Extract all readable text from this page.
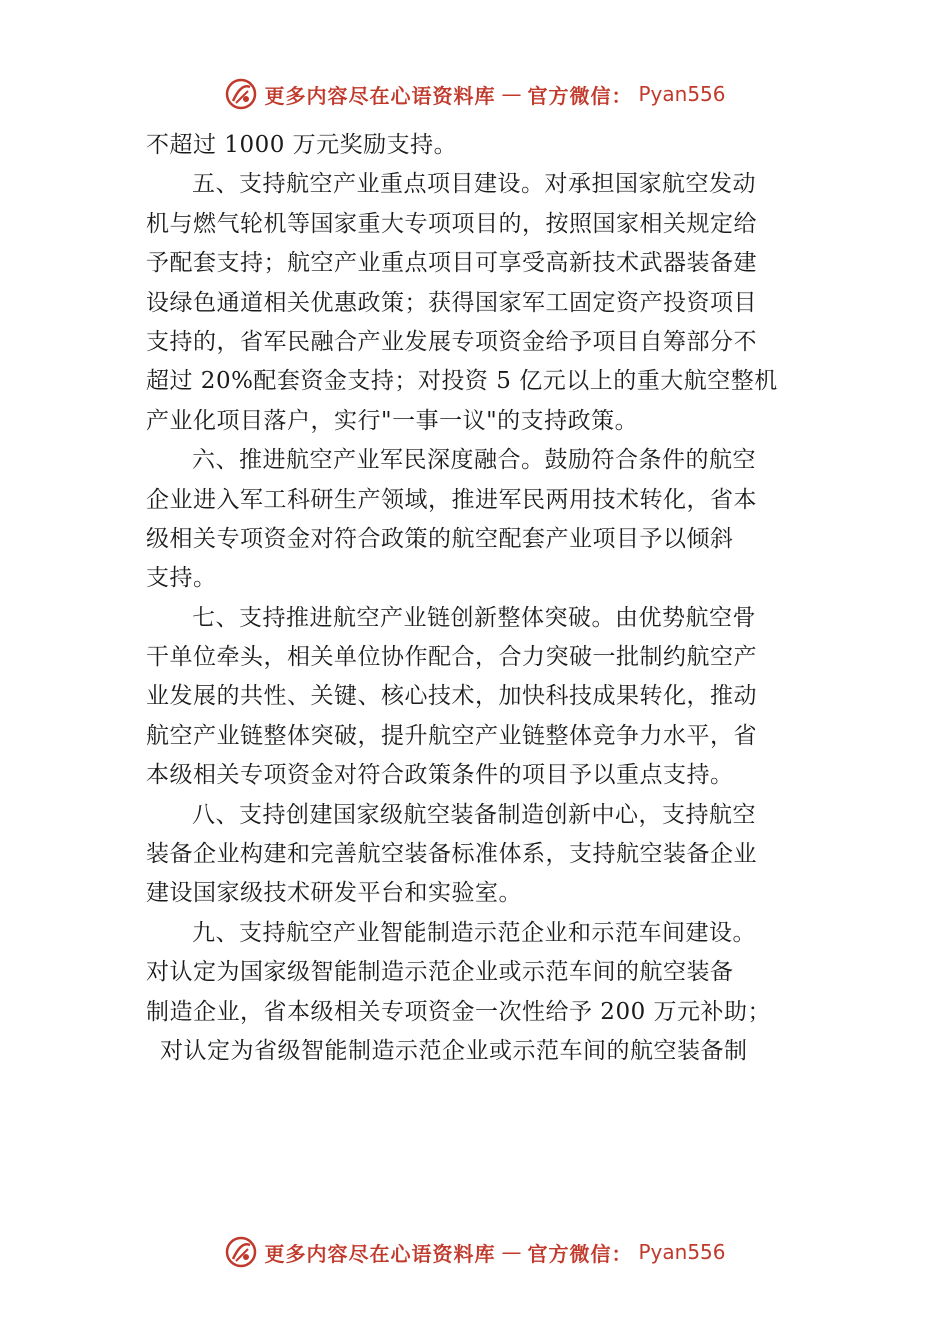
更多内容尽在心语资料库 — 官方微信： Pyan556
不超过 1000 万元奖励支持。
五、支持航空产业重点项目建设。对承担国家航空发动
机与燃气轮机等国家重大专项项目的，按照国家相关规定给
予配套支持；航空产业重点项目可享受高新技术武器装备建
设绿色通道相关优惠政策；获得国家军工固定资产投资项目
支持的，省军民融合产业发展专项资金给予项目自筹部分不
超过 20%配套资金支持；对投资 5 亿元以上的重大航空整机
产业化项目落户，实行"一事一议"的支持政策。
六、推进航空产业军民深度融合。鼓励符合条件的航空
企业进入军工科研生产领域，推进军民两用技术转化，省本
级相关专项资金对符合政策的航空配套产业项目予以倾斜
支持。
七、支持推进航空产业链创新整体突破。由优势航空骨
干单位牵头，相关单位协作配合，合力突破一批制约航空产
业发展的共性、关键、核心技术，加快科技成果转化，推动
航空产业链整体突破，提升航空产业链整体竞争力水平，省
本级相关专项资金对符合政策条件的项目予以重点支持。
八、支持创建国家级航空装备制造创新中心，支持航空
装备企业构建和完善航空装备标准体系，支持航空装备企业
建设国家级技术研发平台和实验室。
九、支持航空产业智能制造示范企业和示范车间建设。
对认定为国家级智能制造示范企业或示范车间的航空装备
制造企业，省本级相关专项资金一次性给予 200 万元补助；
对认定为省级智能制造示范企业或示范车间的航空装备制
更多内容尽在心语资料库 — 官方微信： Pyan556
